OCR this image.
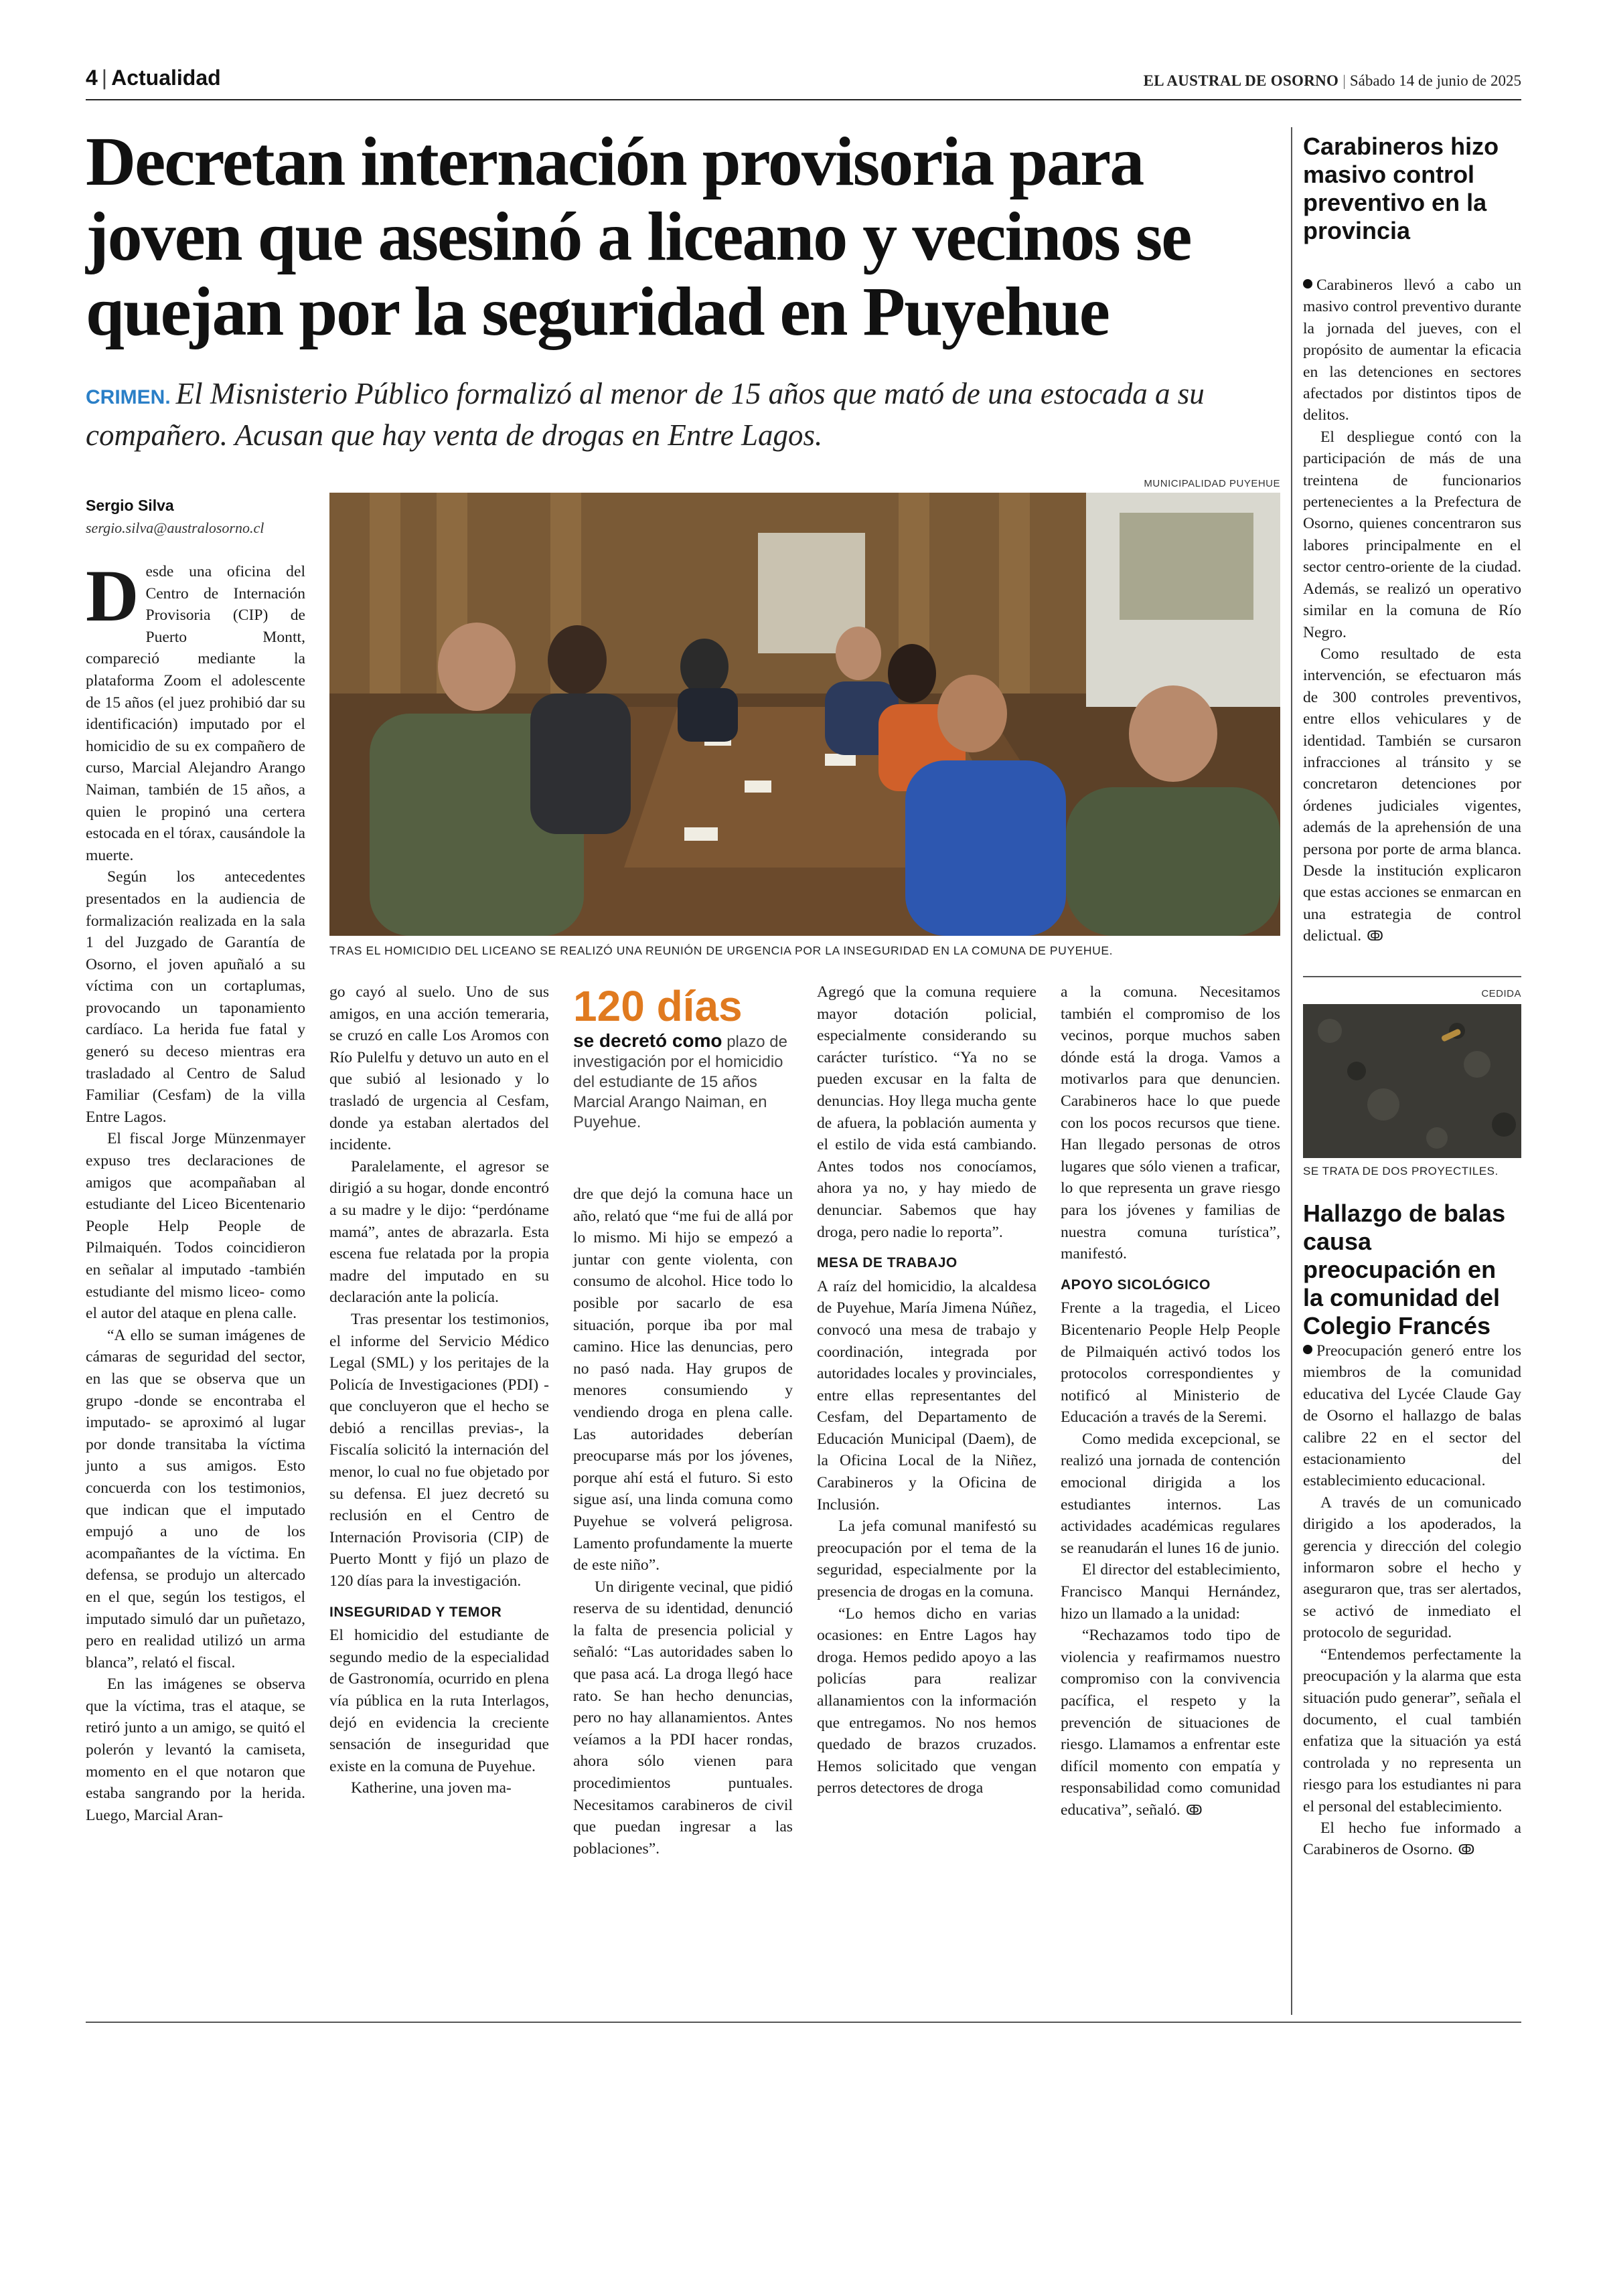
4 | Actualidad	EL AUSTRAL DE OSORNO | Sábado 14 de junio de 2025
Decretan internación provisoria para joven que asesinó a liceano y vecinos se quejan por la seguridad en Puyehue
CRIMEN. El Misnisterio Público formalizó al menor de 15 años que mató de una estocada a su compañero. Acusan que hay venta de drogas en Entre Lagos.
Sergio Silva
sergio.silva@australosorno.cl
MUNICIPALIDAD PUYEHUE
TRAS EL HOMICIDIO DEL LICEANO SE REALIZÓ UNA REUNIÓN DE URGENCIA POR LA INSEGURIDAD EN LA COMUNA DE PUYEHUE.

Desde una oficina del Centro de Internación Provisoria (CIP) de Puerto Montt, compareció mediante la plataforma Zoom el adolescente de 15 años (el juez prohibió dar su identificación) imputado por el homicidio de su ex compañero de curso, Marcial Alejandro Arango Naiman, también de 15 años, a quien le propinó una certera estocada en el tórax, causándole la muerte.

Según los antecedentes presentados en la audiencia de formalización realizada en la sala 1 del Juzgado de Garantía de Osorno, el joven apuñaló a su víctima con un cortaplumas, provocando un taponamiento cardíaco. La herida fue fatal y generó su deceso mientras era trasladado al Centro de Salud Familiar (Cesfam) de la villa Entre Lagos.

El fiscal Jorge Münzenmayer expuso tres declaraciones de amigos que acompañaban al estudiante del Liceo Bicentenario People Help People de Pilmaiquén. Todos coincidieron en señalar al imputado -también estudiante del mismo liceo- como el autor del ataque en plena calle.

“A ello se suman imágenes de cámaras de seguridad del sector, en las que se observa que un grupo -donde se encontraba el imputado- se aproximó al lugar por donde transitaba la víctima junto a sus amigos. Esto concuerda con los testimonios, que indican que el imputado empujó a uno de los acompañantes de la víctima. En defensa, se produjo un altercado en el que, según los testigos, el imputado simuló dar un puñetazo, pero en realidad utilizó un arma blanca”, relató el fiscal.

En las imágenes se observa que la víctima, tras el ataque, se retiró junto a un amigo, se quitó el polerón y levantó la camiseta, momento en el que notaron que estaba sangrando por la herida. Luego, Marcial Aran-

go cayó al suelo. Uno de sus amigos, en una acción temeraria, se cruzó en calle Los Aromos con Río Pulelfu y detuvo un auto en el que subió al lesionado y lo trasladó de urgencia al Cesfam, donde ya estaban alertados del incidente.

Paralelamente, el agresor se dirigió a su hogar, donde encontró a su madre y le dijo: “perdóname mamá”, antes de abrazarla. Esta escena fue relatada por la propia madre del imputado en su declaración ante la policía.

Tras presentar los testimonios, el informe del Servicio Médico Legal (SML) y los peritajes de la Policía de Investigaciones (PDI) -que concluyeron que el hecho se debió a rencillas previas-, la Fiscalía solicitó la internación del menor, lo cual no fue objetado por su defensa. El juez decretó su reclusión en el Centro de Internación Provisoria (CIP) de Puerto Montt y fijó un plazo de 120 días para la investigación.

INSEGURIDAD Y TEMOR

El homicidio del estudiante de segundo medio de la especialidad de Gastronomía, ocurrido en plena vía pública en la ruta Interlagos, dejó en evidencia la creciente sensación de inseguridad que existe en la comuna de Puyehue.

Katherine, una joven ma-

120 días
se decretó como plazo de investigación por el homicidio del estudiante de 15 años Marcial Arango Naiman, en Puyehue.

dre que dejó la comuna hace un año, relató que “me fui de allá por lo mismo. Mi hijo se empezó a juntar con gente violenta, con consumo de alcohol. Hice todo lo posible por sacarlo de esa situación, porque iba por mal camino. Hice las denuncias, pero no pasó nada. Hay grupos de menores consumiendo y vendiendo droga en plena calle. Las autoridades deberían preocuparse más por los jóvenes, porque ahí está el futuro. Si esto sigue así, una linda comuna como Puyehue se volverá peligrosa. Lamento profundamente la muerte de este niño”.

Un dirigente vecinal, que pidió reserva de su identidad, denunció la falta de presencia policial y señaló: “Las autoridades saben lo que pasa acá. La droga llegó hace rato. Se han hecho denuncias, pero no hay allanamientos. Antes veíamos a la PDI hacer rondas, ahora sólo vienen para procedimientos puntuales. Necesitamos carabineros de civil que puedan ingresar a las poblaciones”.

Agregó que la comuna requiere mayor dotación policial, especialmente considerando su carácter turístico. “Ya no se pueden excusar en la falta de denuncias. Hoy llega mucha gente de afuera, la población aumenta y el estilo de vida está cambiando. Antes todos nos conocíamos, ahora ya no, y hay miedo de denunciar. Sabemos que hay droga, pero nadie lo reporta”.

MESA DE TRABAJO

A raíz del homicidio, la alcaldesa de Puyehue, María Jimena Núñez, convocó una mesa de trabajo y coordinación, integrada por autoridades locales y provinciales, entre ellas representantes del Cesfam, del Departamento de Educación Municipal (Daem), de la Oficina Local de la Niñez, Carabineros y la Oficina de Inclusión.

La jefa comunal manifestó su preocupación por el tema de la seguridad, especialmente por la presencia de drogas en la comuna.

“Lo hemos dicho en varias ocasiones: en Entre Lagos hay droga. Hemos pedido apoyo a las policías para realizar allanamientos con la información que entregamos. No nos hemos quedado de brazos cruzados. Hemos solicitado que vengan perros detectores de droga

a la comuna. Necesitamos también el compromiso de los vecinos, porque muchos saben dónde está la droga. Vamos a motivarlos para que denuncien. Carabineros hace lo que puede con los pocos recursos que tiene. Han llegado personas de otros lugares que sólo vienen a traficar, lo que representa un grave riesgo para los jóvenes y familias de nuestra comuna turística”, manifestó.

APOYO SICOLÓGICO

Frente a la tragedia, el Liceo Bicentenario People Help People de Pilmaiquén activó todos los protocolos correspondientes y notificó al Ministerio de Educación a través de la Seremi.

Como medida excepcional, se realizó una jornada de contención emocional dirigida a los estudiantes internos. Las actividades académicas regulares se reanudarán el lunes 16 de junio.

El director del establecimiento, Francisco Manqui Hernández, hizo un llamado a la unidad:

“Rechazamos todo tipo de violencia y reafirmamos nuestro compromiso con la convivencia pacífica, el respeto y la prevención de situaciones de riesgo. Llamamos a enfrentar este difícil momento con empatía y responsabilidad como comunidad educativa”, señaló. ↂ

Carabineros hizo masivo control preventivo en la provincia

Carabineros llevó a cabo un masivo control preventivo durante la jornada del jueves, con el propósito de aumentar la eficacia en las detenciones en sectores afectados por distintos tipos de delitos.

El despliegue contó con la participación de más de una treintena de funcionarios pertenecientes a la Prefectura de Osorno, quienes concentraron sus labores principalmente en el sector centro-oriente de la ciudad. Además, se realizó un operativo similar en la comuna de Río Negro.

Como resultado de esta intervención, se efectuaron más de 300 controles preventivos, entre ellos vehiculares y de identidad. También se cursaron infracciones al tránsito y se concretaron detenciones por órdenes judiciales vigentes, además de la aprehensión de una persona por porte de arma blanca. Desde la institución explicaron que estas acciones se enmarcan en una estrategia de control delictual. ↂ

CEDIDA
SE TRATA DE DOS PROYECTILES.
Hallazgo de balas causa preocupación en la comunidad del Colegio Francés

Preocupación generó entre los miembros de la comunidad educativa del Lycée Claude Gay de Osorno el hallazgo de balas calibre 22 en el sector del estacionamiento del establecimiento educacional.

A través de un comunicado dirigido a los apoderados, la gerencia y dirección del colegio informaron sobre el hecho y aseguraron que, tras ser alertados, se activó de inmediato el protocolo de seguridad.

“Entendemos perfectamente la preocupación y la alarma que esta situación pudo generar”, señala el documento, el cual también enfatiza que la situación ya está controlada y no representa un riesgo para los estudiantes ni para el personal del establecimiento.

El hecho fue informado a Carabineros de Osorno. ↂ
